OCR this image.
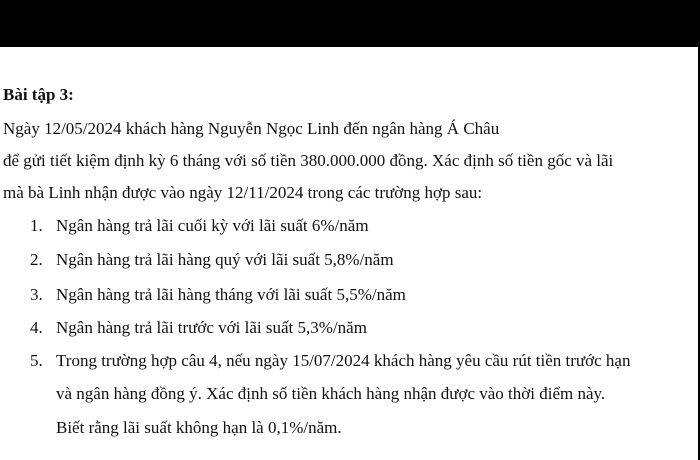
Bài tập 3:
Ngày 12/05/2024 khách hàng Nguyễn Ngọc Linh đến ngân hàng Á Châu
để gửi tiết kiệm định kỳ 6 tháng với số tiền 380.000.000 đồng. Xác định số tiền gốc và lãi
mà bà Linh nhận được vào ngày 12/11/2024 trong các trường hợp sau:
1. Ngân hàng trả lãi cuối kỳ với lãi suất 6%/năm
2. Ngân hàng trả lãi hàng quý với lãi suất 5,8%/năm
3. Ngân hàng trả lãi hàng tháng với lãi suất 5,5%/năm
4. Ngân hàng trả lãi trước với lãi suất 5,3%/năm
5. Trong trường hợp câu 4, nếu ngày 15/07/2024 khách hàng yêu cầu rút tiền trước hạn
và ngân hàng đồng ý. Xác định số tiền khách hàng nhận được vào thời điểm này.
Biết rằng lãi suất không hạn là 0,1%/năm.
